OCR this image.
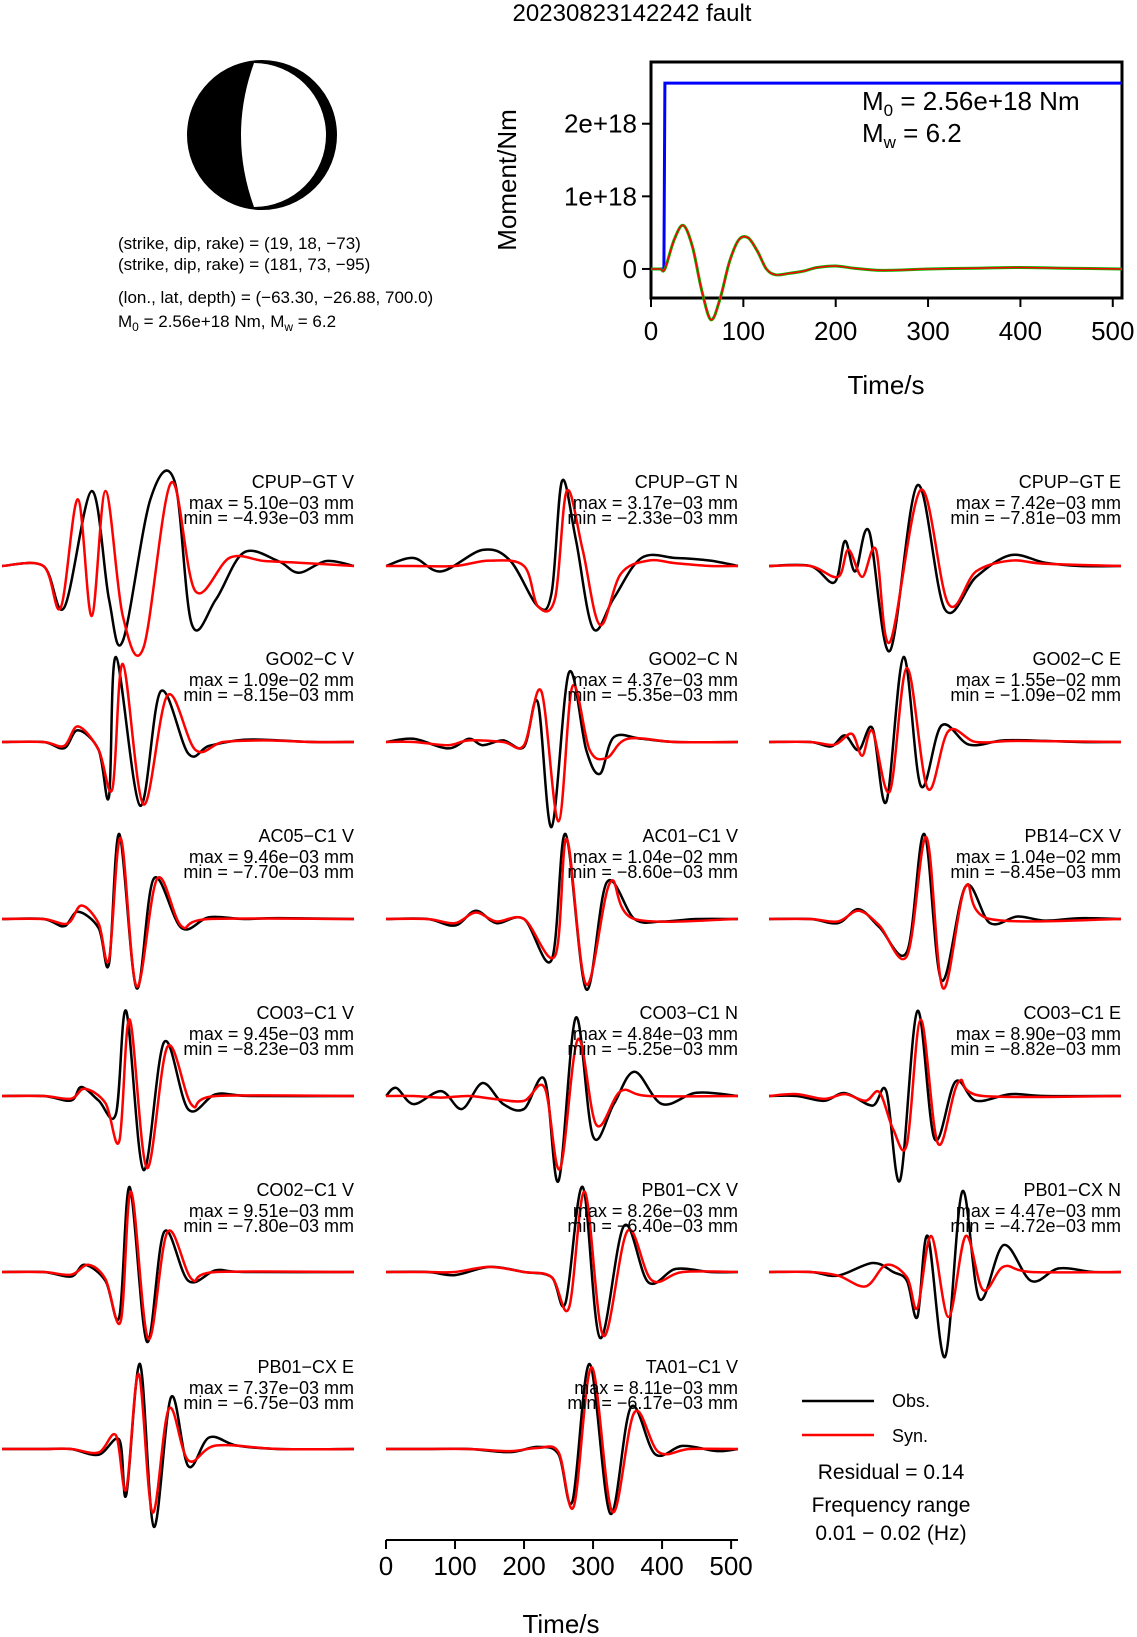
20230823142242 fault
(strike, dip, rake) = (19, 18, −73)
(strike, dip, rake) = (181, 73, −95)
(lon., lat, depth) = (−63.30, −26.88, 700.0)
$M_0 = 2.56e+18$ Nm, $M_w = 6.2$	0 100 200 300 400 500
0
1e+18
2e+18
$M_0 = 2.56e+18$ Nm
$M_w = 6.2$
Moment/Nm
Time/s
CPUP−GT V
max = 5.10e−03 mm
min = −4.93e−03 mm
CPUP−GT N
max = 3.17e−03 mm
min = −2.33e−03 mm
CPUP−GT E
max = 7.42e−03 mm
min = −7.81e−03 mm
GO02−C V
max = 1.09e−02 mm
min = −8.15e−03 mm
GO02−C N
max = 4.37e−03 mm
min = −5.35e−03 mm
GO02−C E
max = 1.55e−02 mm
min = −1.09e−02 mm
AC05−C1 V
max = 9.46e−03 mm
min = −7.70e−03 mm
AC01−C1 V
max = 1.04e−02 mm
min = −8.60e−03 mm
PB14−CX V
max = 1.04e−02 mm
min = −8.45e−03 mm
CO03−C1 V
max = 9.45e−03 mm
min = −8.23e−03 mm
CO03−C1 N
max = 4.84e−03 mm
min = −5.25e−03 mm
CO03−C1 E
max = 8.90e−03 mm
min = −8.82e−03 mm
CO02−C1 V
max = 9.51e−03 mm
min = −7.80e−03 mm
PB01−CX V
max = 8.26e−03 mm
min = −6.40e−03 mm
PB01−CX N
max = 4.47e−03 mm
min = −4.72e−03 mm
PB01−CX E
max = 7.37e−03 mm
min = −6.75e−03 mm
TA01−C1 V
max = 8.11e−03 mm
min = −6.17e−03 mm
0 100 200 300 400 500
Time/s
Obs.
Syn.
Residual = 0.14
Frequency range
0.01 − 0.02 (Hz)
